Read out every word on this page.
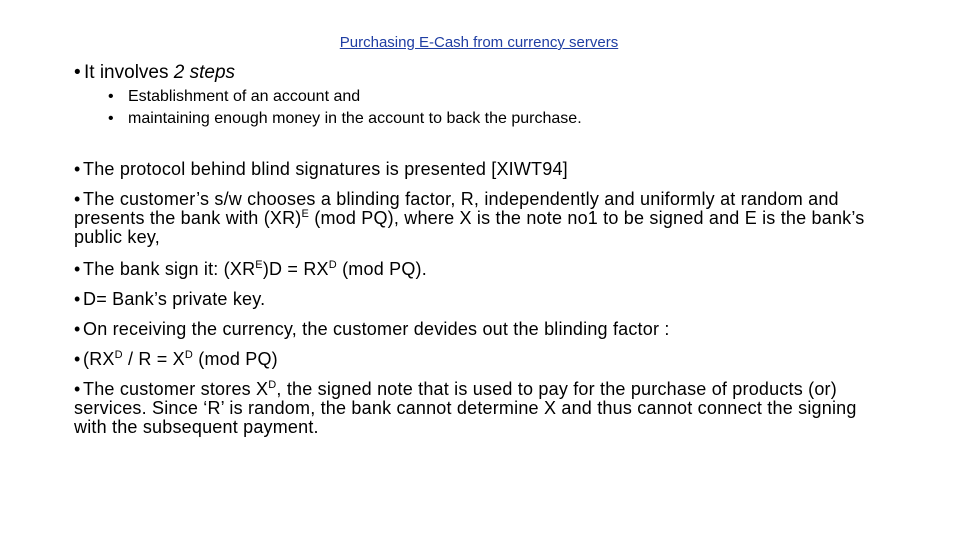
Purchasing E-Cash from currency servers
• It involves 2 steps
• Establishment of an account and
• maintaining enough money in the account to back the purchase.
• The protocol behind blind signatures is presented [XIWT94]
• The customer’s s/w chooses a blinding factor, R, independently and uniformly at random and presents the bank with (XR)$^E$ (mod PQ), where X is the note no1 to be signed and E is the bank’s public key,
• The bank sign it: $(XR^E)D = RX^D$ (mod PQ).
• D= Bank’s private key.
• On receiving the currency, the customer devides out the blinding factor :
• ($RX^D / R = X^D$ (mod PQ)
• The customer stores $X^D$, the signed note that is used to pay for the purchase of products (or) services. Since ‘R’ is random, the bank cannot determine X and thus cannot connect the signing with the subsequent payment.
